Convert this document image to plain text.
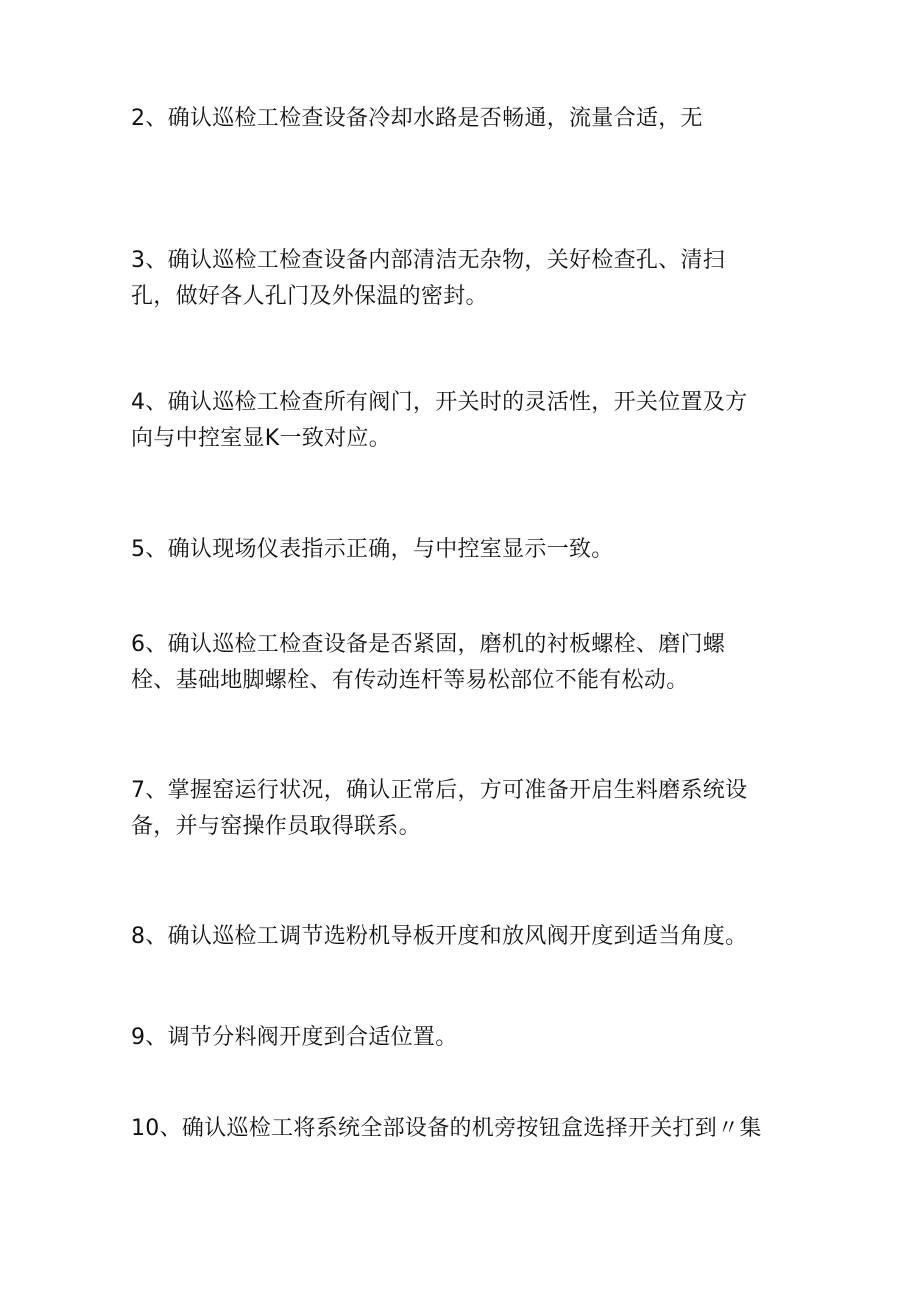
2、确认巡检工检查设备冷却水路是否畅通，流量合适，无

3、确认巡检工检查设备内部清洁无杂物，关好检查孔、清扫
孔，做好各人孔门及外保温的密封。

4、确认巡检工检查所有阀门，开关时的灵活性，开关位置及方
向与中控室显K一致对应。

5、确认现场仪表指示正确，与中控室显示一致。

6、确认巡检工检查设备是否紧固，磨机的衬板螺栓、磨门螺
栓、基础地脚螺栓、有传动连杆等易松部位不能有松动。

7、掌握窑运行状况，确认正常后，方可准备开启生料磨系统设
备，并与窑操作员取得联系。

8、确认巡检工调节选粉机导板开度和放风阀开度到适当角度。

9、调节分料阀开度到合适位置。

10、确认巡检工将系统全部设备的机旁按钮盒选择开关打到〃集
